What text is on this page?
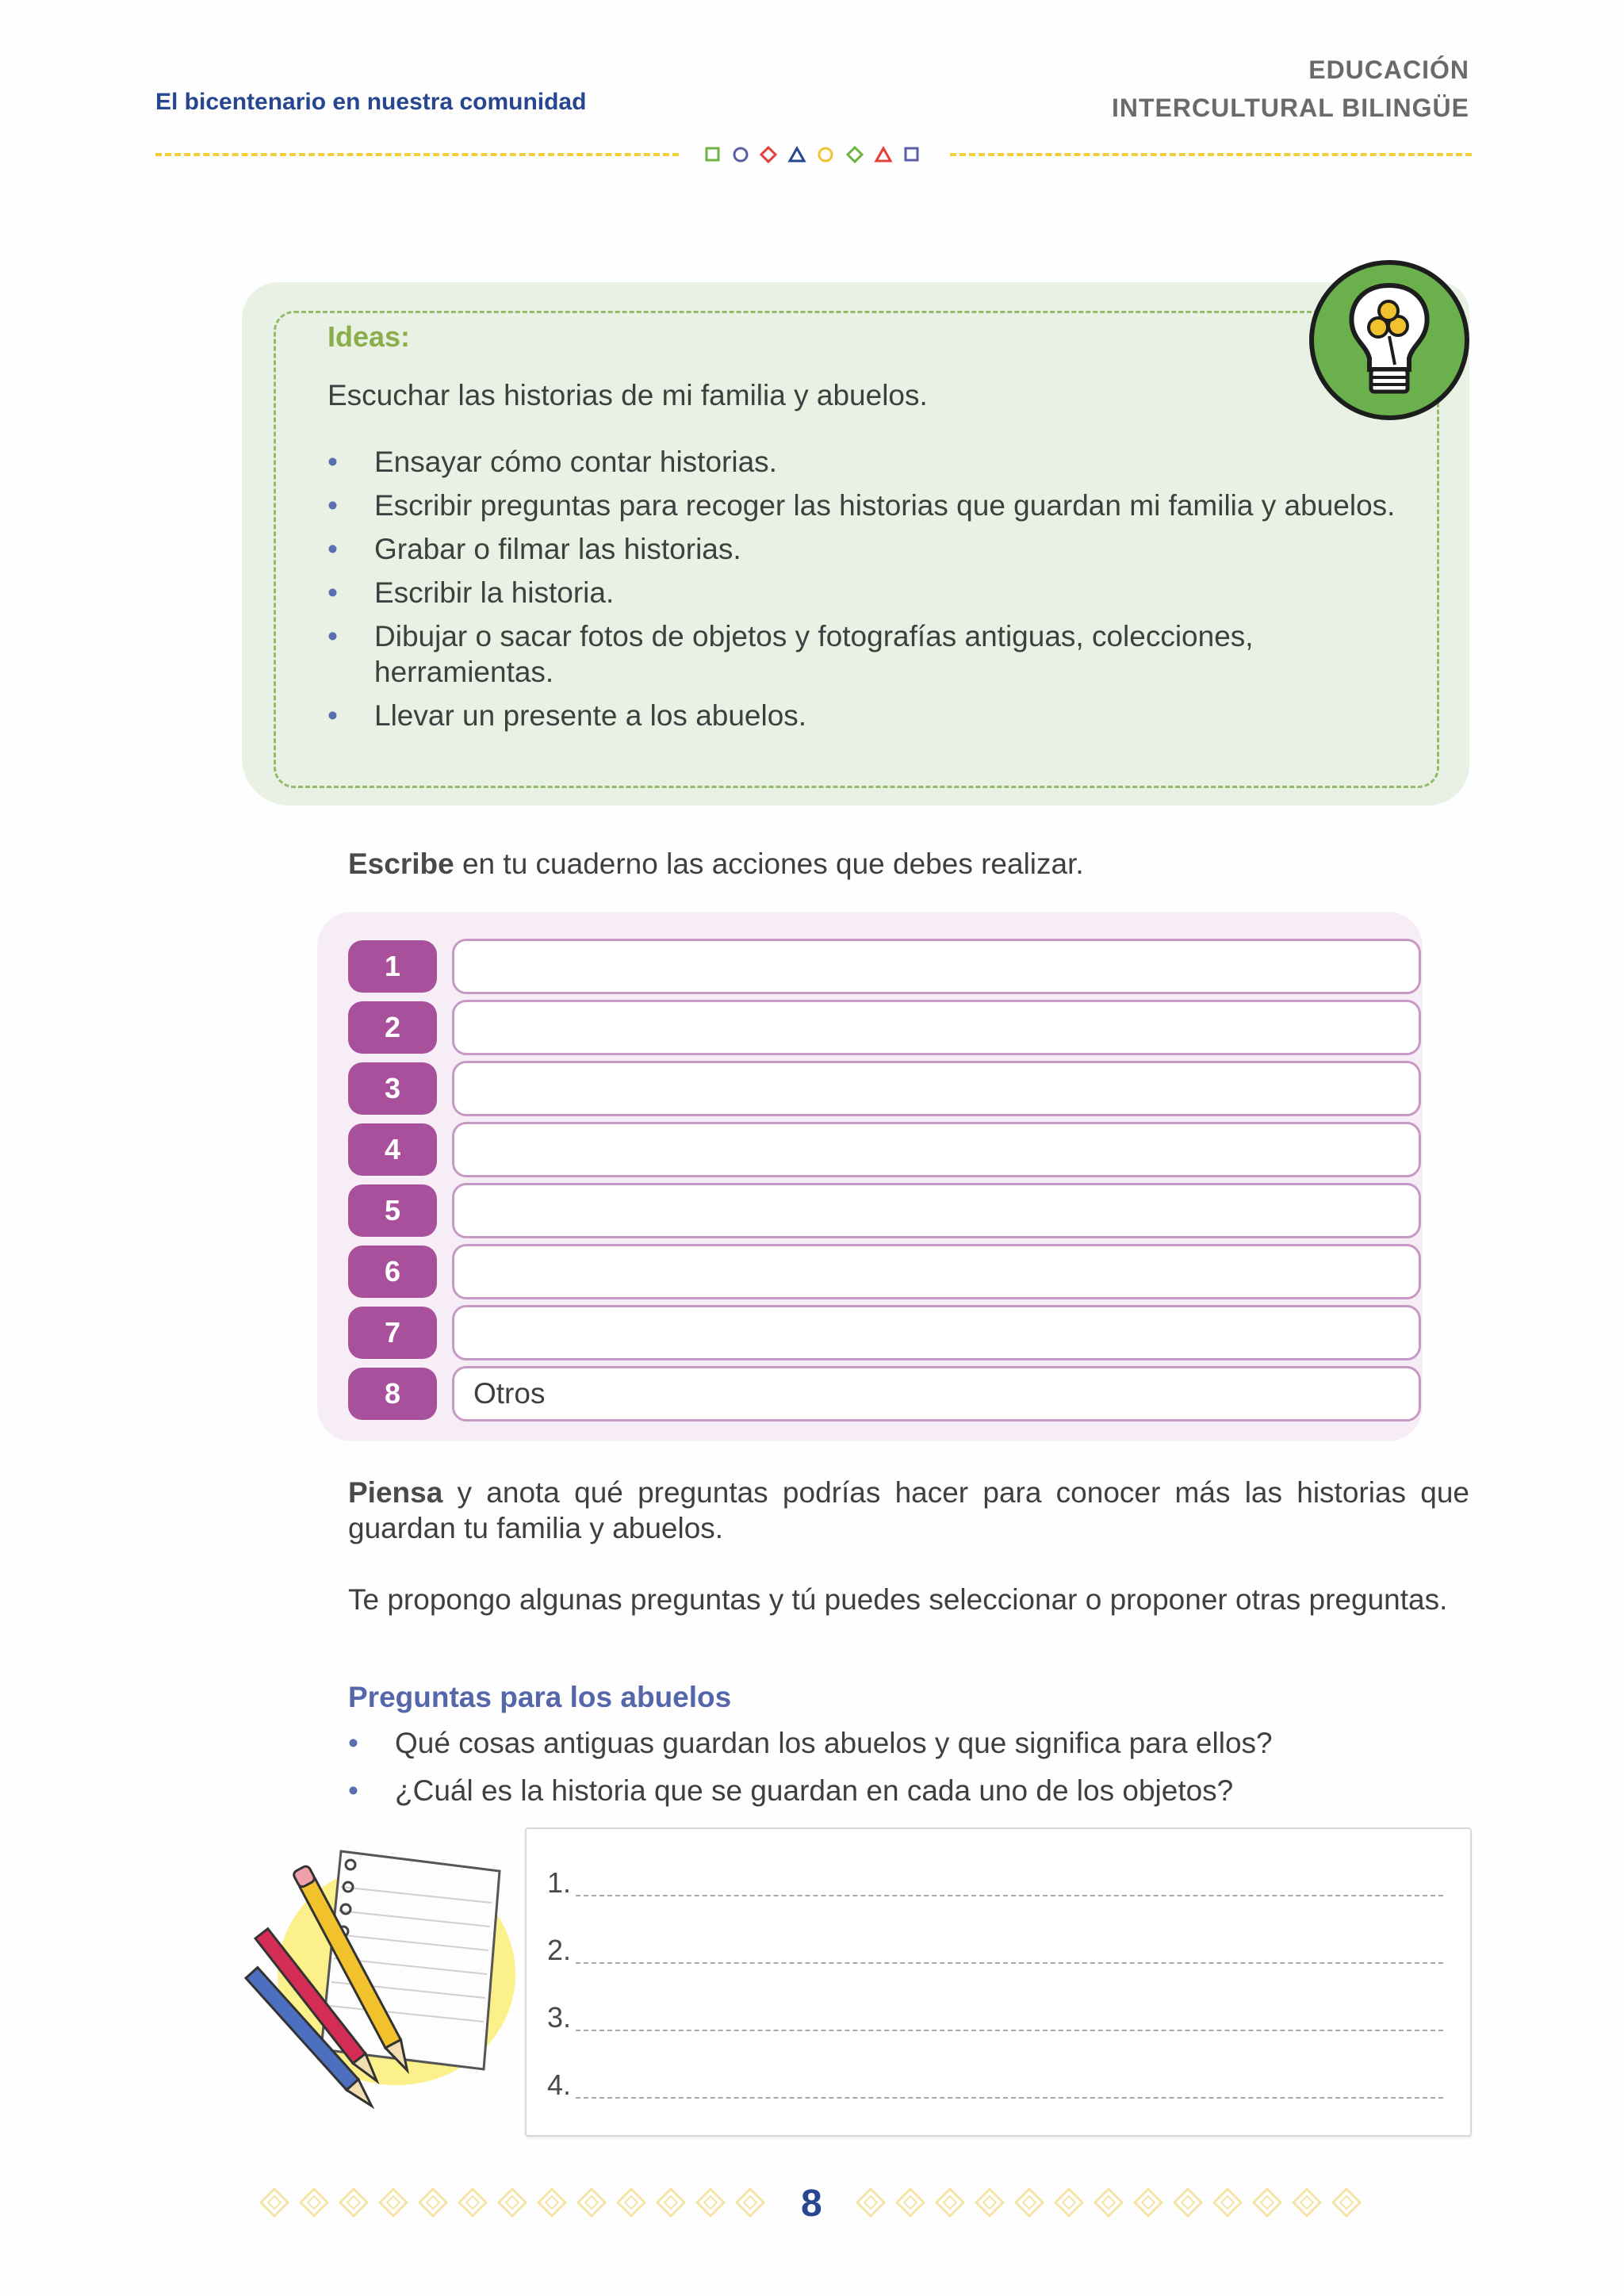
El bicentenario en nuestra comunidad
EDUCACIÓN
INTERCULTURAL BILINGÜE
Ideas:
Escuchar las historias de mi familia y abuelos.
• Ensayar cómo contar historias.
• Escribir preguntas para recoger las historias que guardan mi familia y abuelos.
• Grabar o filmar las historias.
• Escribir la historia.
• Dibujar o sacar fotos de objetos y fotografías antiguas, colecciones, herramientas.
• Llevar un presente a los abuelos.
Escribe en tu cuaderno las acciones que debes realizar.
1
2
3
4
5
6
7
8	Otros
Piensa y anota qué preguntas podrías hacer para conocer más las historias que guardan tu familia y abuelos.
Te propongo algunas preguntas y tú puedes seleccionar o proponer otras preguntas.
Preguntas para los abuelos
• Qué cosas antiguas guardan los abuelos y que significa para ellos?
• ¿Cuál es la historia que se guardan en cada uno de los objetos?
1.
2.
3.
4.
8
